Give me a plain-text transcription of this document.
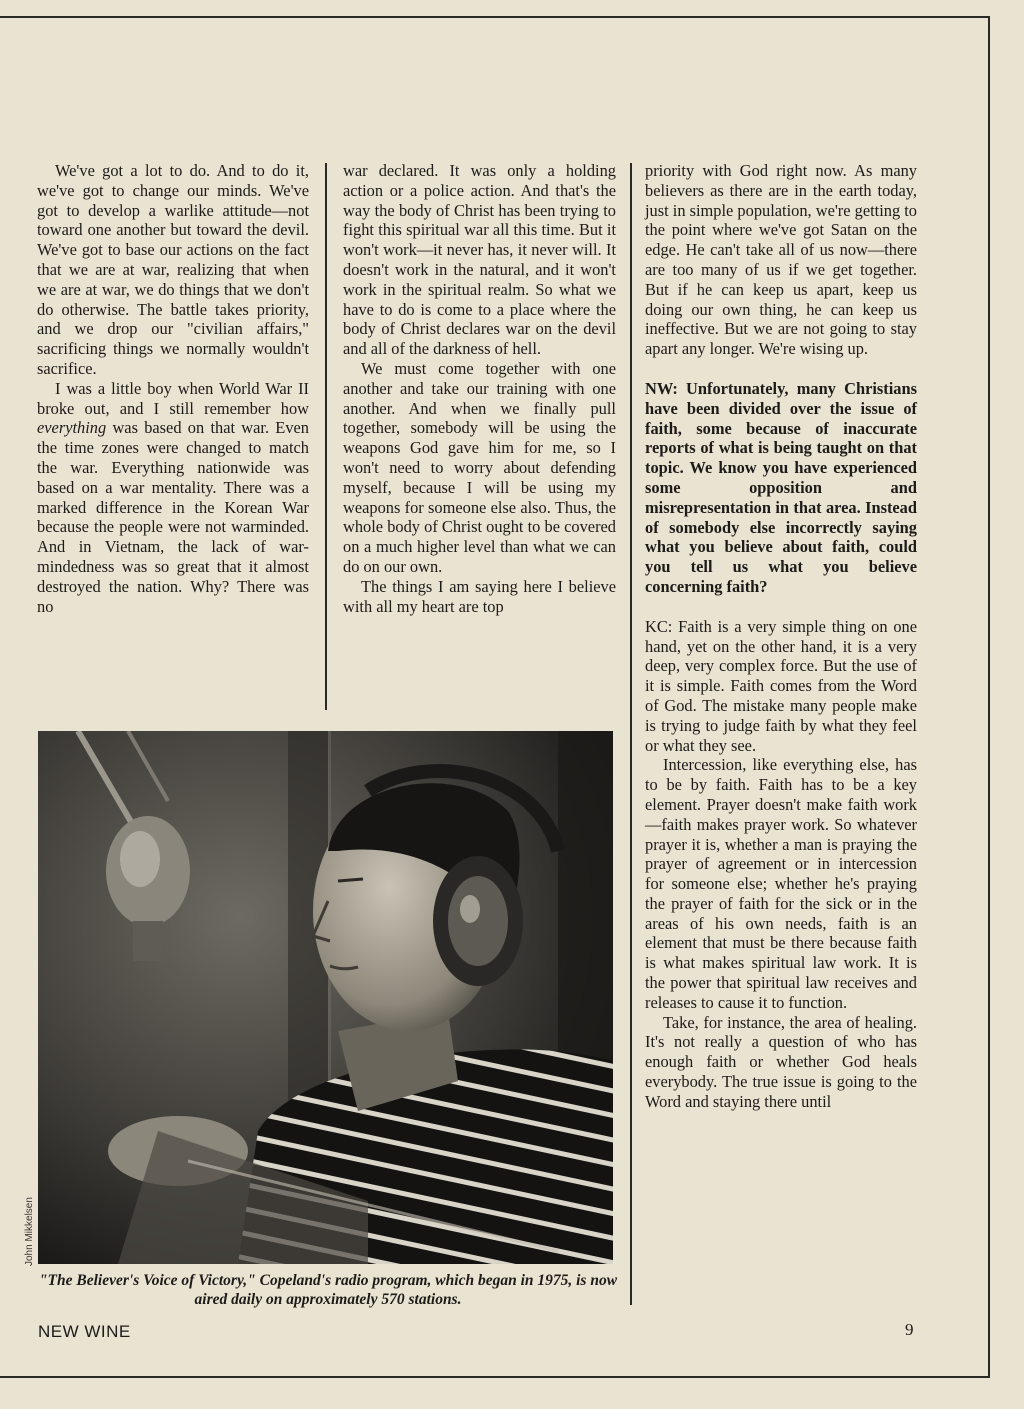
We've got a lot to do. And to do it, we've got to change our minds. We've got to develop a warlike attitude—not toward one another but toward the devil. We've got to base our actions on the fact that we are at war, realizing that when we are at war, we do things that we don't do otherwise. The battle takes priority, and we drop our "civilian affairs," sacrificing things we normally wouldn't sacrifice.

I was a little boy when World War II broke out, and I still remember how everything was based on that war. Even the time zones were changed to match the war. Everything nationwide was based on a war mentality. There was a marked difference in the Korean War because the people were not warminded. And in Vietnam, the lack of war-mindedness was so great that it almost destroyed the nation. Why? There was no

war declared. It was only a holding action or a police action. And that's the way the body of Christ has been trying to fight this spiritual war all this time. But it won't work—it never has, it never will. It doesn't work in the natural, and it won't work in the spiritual realm. So what we have to do is come to a place where the body of Christ declares war on the devil and all of the darkness of hell.

We must come together with one another and take our training with one another. And when we finally pull together, somebody will be using the weapons God gave him for me, so I won't need to worry about defending myself, because I will be using my weapons for someone else also. Thus, the whole body of Christ ought to be covered on a much higher level than what we can do on our own.

The things I am saying here I believe with all my heart are top

priority with God right now. As many believers as there are in the earth today, just in simple population, we're getting to the point where we've got Satan on the edge. He can't take all of us now—there are too many of us if we get together. But if he can keep us apart, keep us doing our own thing, he can keep us ineffective. But we are not going to stay apart any longer. We're wising up.

NW: Unfortunately, many Christians have been divided over the issue of faith, some because of inaccurate reports of what is being taught on that topic. We know you have experienced some opposition and misrepresentation in that area. Instead of somebody else incorrectly saying what you believe about faith, could you tell us what you believe concerning faith?

KC: Faith is a very simple thing on one hand, yet on the other hand, it is a very deep, very complex force. But the use of it is simple. Faith comes from the Word of God. The mistake many people make is trying to judge faith by what they feel or what they see.

Intercession, like everything else, has to be by faith. Faith has to be a key element. Prayer doesn't make faith work—faith makes prayer work. So whatever prayer it is, whether a man is praying the prayer of agreement or in intercession for someone else; whether he's praying the prayer of faith for the sick or in the areas of his own needs, faith is an element that must be there because faith is what makes spiritual law work. It is the power that spiritual law receives and releases to cause it to function.

Take, for instance, the area of healing. It's not really a question of who has enough faith or whether God heals everybody. The true issue is going to the Word and staying there until

John Mikkelsen
"The Believer's Voice of Victory," Copeland's radio program, which began in 1975, is now aired daily on approximately 570 stations.
NEW WINE	9
